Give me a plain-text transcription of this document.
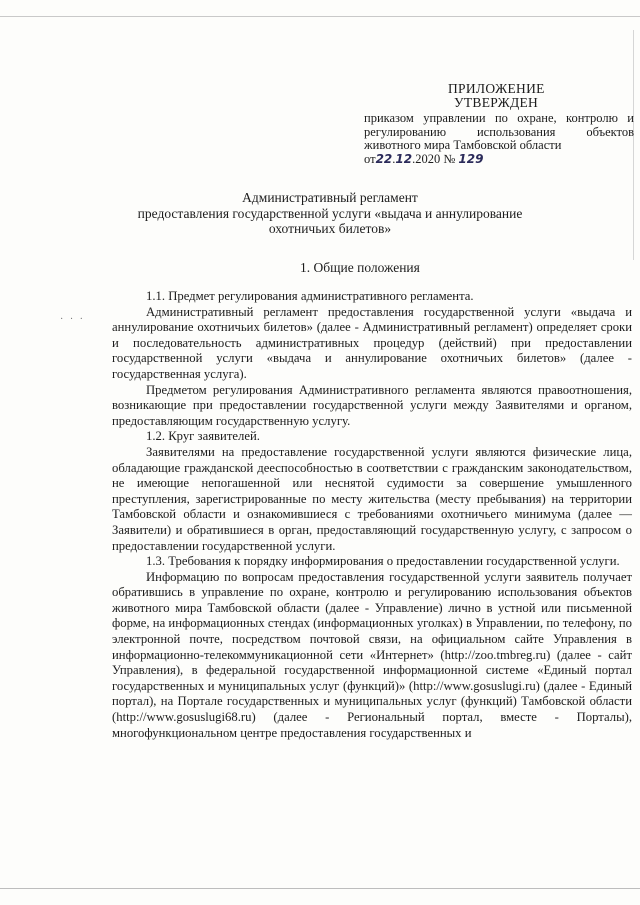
ПРИЛОЖЕНИЕ
УТВЕРЖДЕН
приказом управлении по охране, контролю и регулированию использования объектов животного мира Тамбовской области
от22.12.2020 № 129
Административный регламент
предоставления государственной услуги «выдача и аннулирование
охотничьих билетов»
1. Общие положения
· · ·

1.1. Предмет регулирования административного регламента.

Административный регламент предоставления государственной услуги «выдача и аннулирование охотничьих билетов» (далее - Административный регламент) определяет сроки и последовательность административных процедур (действий) при предоставлении государственной услуги «выдача и аннулирование охотничьих билетов» (далее - государственная услуга).

Предметом регулирования Административного регламента являются правоотношения, возникающие при предоставлении государственной услуги между Заявителями и органом, предоставляющим государственную услугу.

1.2. Круг заявителей.

Заявителями на предоставление государственной услуги являются физические лица, обладающие гражданской дееспособностью в соответствии с гражданским законодательством, не имеющие непогашенной или неснятой судимости за совершение умышленного преступления, зарегистрированные по месту жительства (месту пребывания) на территории Тамбовской области и ознакомившиеся с требованиями охотничьего минимума (далее — Заявители) и обратившиеся в орган, предоставляющий государственную услугу, с запросом о предоставлении государственной услуги.

1.3. Требования к порядку информирования о предоставлении государственной услуги.

Информацию по вопросам предоставления государственной услуги заявитель получает обратившись в управление по охране, контролю и регулированию использования объектов животного мира Тамбовской области (далее - Управление) лично в устной или письменной форме, на информационных стендах (информационных уголках) в Управлении, по телефону, по электронной почте, посредством почтовой связи, на официальном сайте Управления в информационно-телекоммуникационной сети «Интернет» (http://zoo.tmbreg.ru) (далее - сайт Управления), в федеральной государственной информационной системе «Единый портал государственных и муниципальных услуг (функций)» (http://www.gosuslugi.ru) (далее - Единый портал), на Портале государственных и муниципальных услуг (функций) Тамбовской области (http://www.gosuslugi68.ru) (далее - Региональный портал, вместе - Порталы), многофункциональном центре предоставления государственных и
